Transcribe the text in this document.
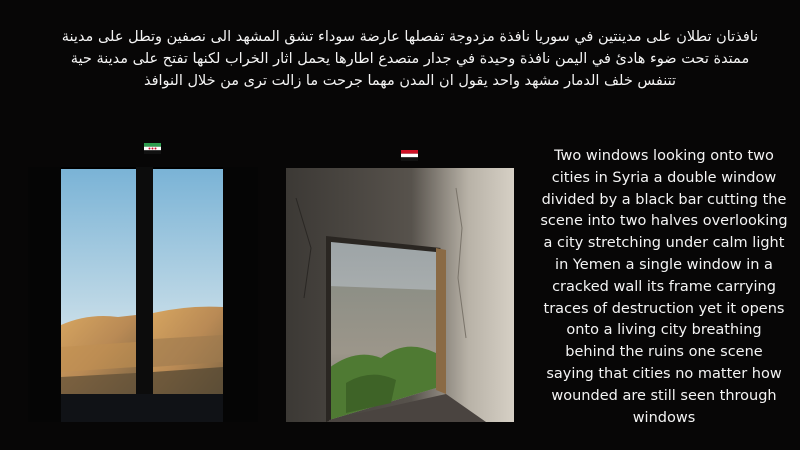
نافذتان تطلان على مدينتين في سوريا نافذة مزدوجة تفصلها عارضة سوداء تشق المشهد الى نصفين وتطل على مدينة ممتدة تحت ضوء هادئ في اليمن نافذة وحيدة في جدار متصدع اطارها يحمل اثار الخراب لكنها تفتح على مدينة حية تتنفس خلف الدمار مشهد واحد يقول ان المدن مهما جرحت ما زالت ترى من خلال النوافذ
Two windows looking onto two cities in Syria a double window divided by a black bar cutting the scene into two halves overlooking a city stretching under calm light in Yemen a single window in a cracked wall its frame carrying traces of destruction yet it opens onto a living city breathing behind the ruins one scene saying that cities no matter how wounded are still seen through windows
